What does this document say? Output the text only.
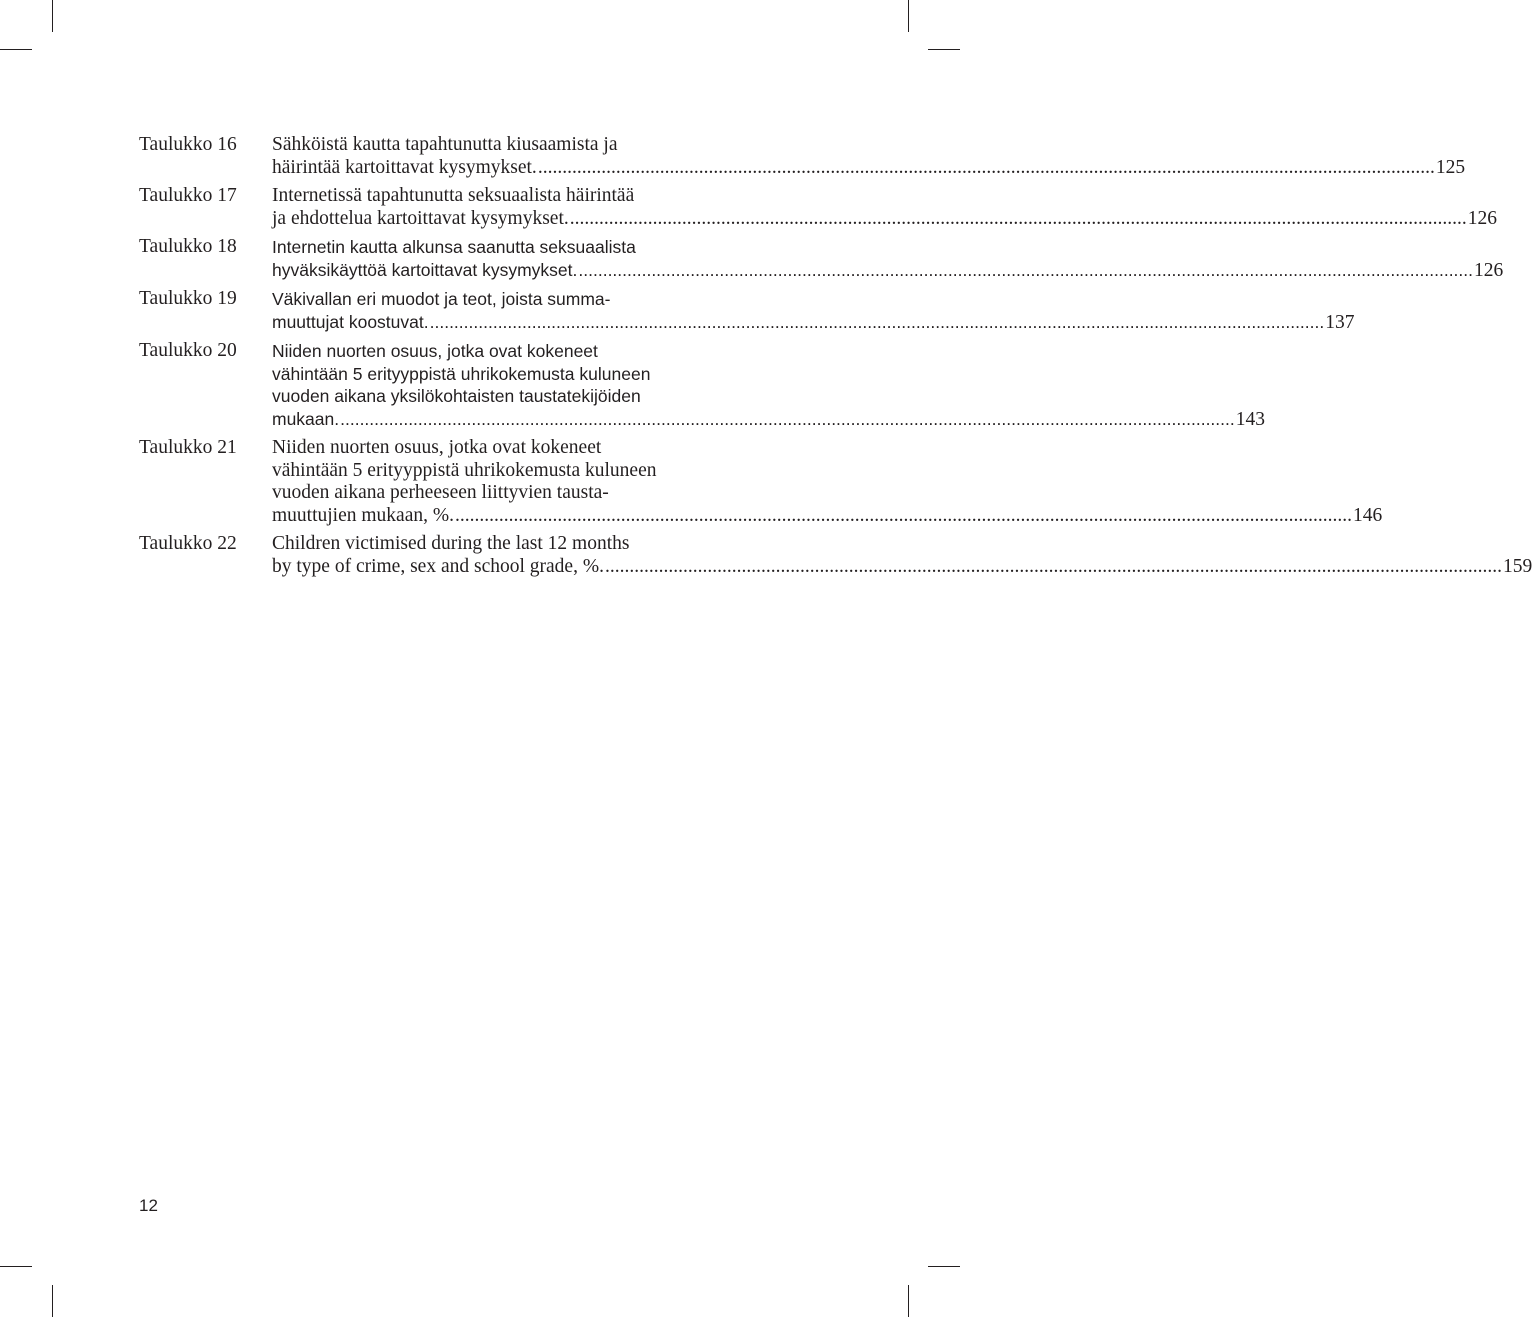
Taulukko 16	Sähköistä kautta tapahtunutta kiusaamista ja
häirintää kartoittavat kysymykset. .....	125
Taulukko 17	Internetissä tapahtunutta seksuaalista häirintää
ja ehdottelua kartoittavat kysymykset. .....	126
Taulukko 18	Internetin kautta alkunsa saanutta seksuaalista
hyväksikäyttöä kartoittavat kysymykset. .....	126
Taulukko 19	Väkivallan eri muodot ja teot, joista summa-
muuttujat koostuvat. .....	137
Taulukko 20	Niiden nuorten osuus, jotka ovat kokeneet
vähintään 5 erityyppistä uhrikokemusta kuluneen
vuoden aikana yksilökohtaisten taustatekijöiden
mukaan. .....	143
Taulukko 21	Niiden nuorten osuus, jotka ovat kokeneet
vähintään 5 erityyppistä uhrikokemusta kuluneen
vuoden aikana perheeseen liittyvien tausta-
muuttujien mukaan, %. .....	146
Taulukko 22	Children victimised during the last 12 months
by type of crime, sex and school grade, %. .....	159
12
